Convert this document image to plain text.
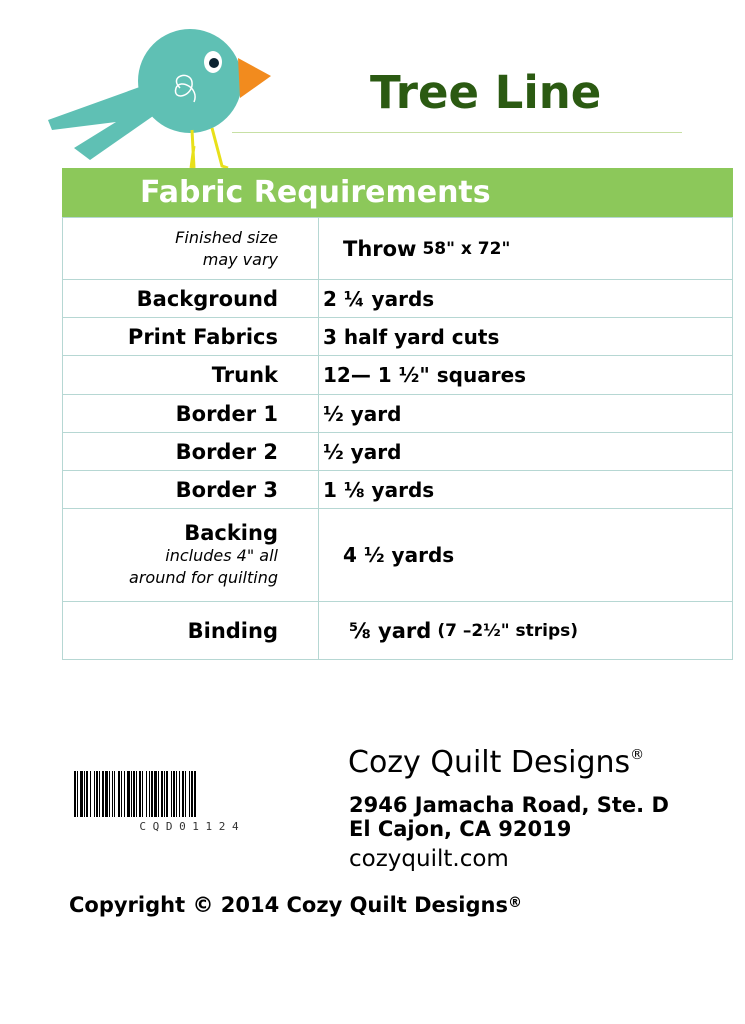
Tree Line
Fabric Requirements
Finished size
may vary	Throw 58" x 72"
Background 2 ¼ yards
Print Fabrics 3 half yard cuts
Trunk 12— 1 ½" squares
Border 1 ½ yard
Border 2 ½ yard
Border 3 1 ⅛ yards
Backing
includes 4" all
around for quilting
4 ½ yards
Binding	⅝ yard (7 –2½" strips)
C Q D 0 1 1 2 4
Cozy Quilt Designs®
2946 Jamacha Road, Ste. D
El Cajon, CA 92019
cozyquilt.com
Copyright © 2014 Cozy Quilt Designs®
